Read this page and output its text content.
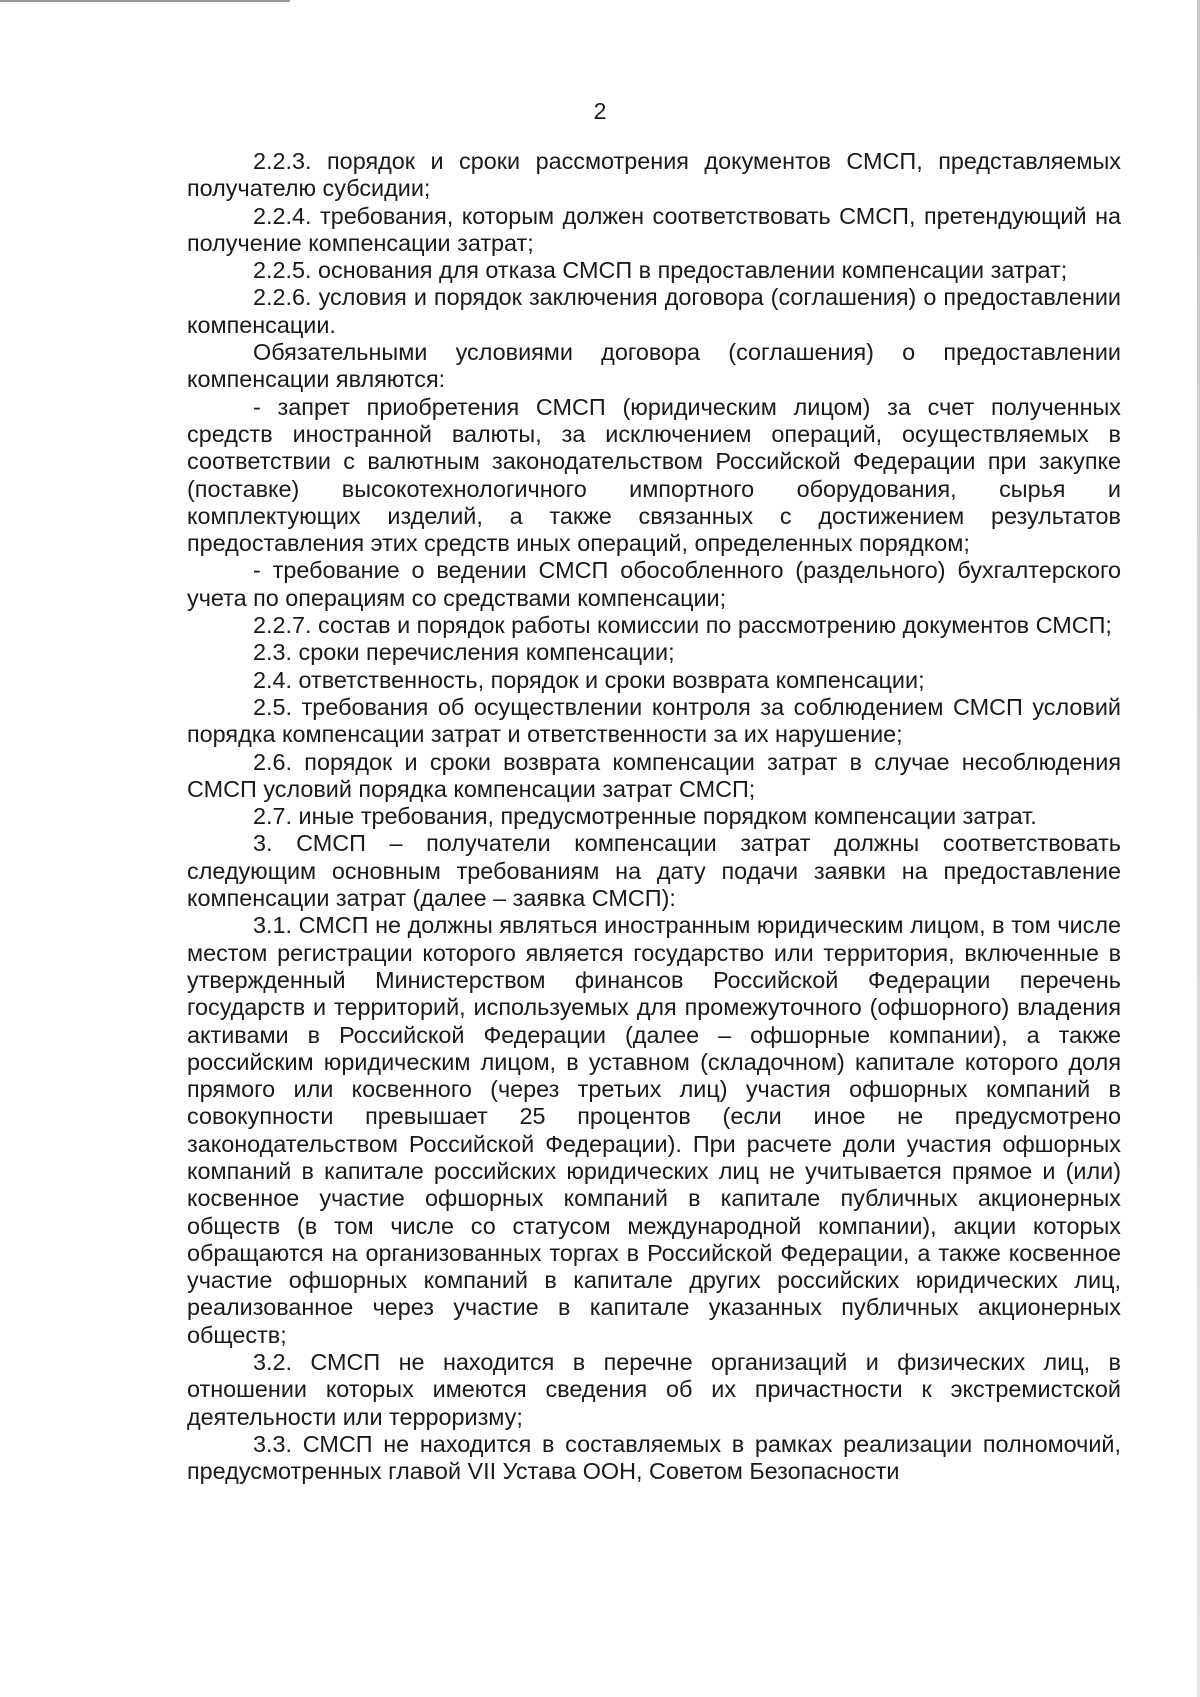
2

2.2.3. порядок и сроки рассмотрения документов СМСП, представляемых получателю субсидии;

2.2.4. требования, которым должен соответствовать СМСП, претендующий на получение компенсации затрат;

2.2.5. основания для отказа СМСП в предоставлении компенсации затрат;

2.2.6. условия и порядок заключения договора (соглашения) о предоставлении компенсации.

Обязательными условиями договора (соглашения) о предоставлении компенсации являются:

- запрет приобретения СМСП (юридическим лицом) за счет полученных средств иностранной валюты, за исключением операций, осуществляемых в соответствии с валютным законодательством Российской Федерации при закупке (поставке) высокотехнологичного импортного оборудования, сырья и комплектующих изделий, а также связанных с достижением результатов предоставления этих средств иных операций, определенных порядком;

- требование о ведении СМСП обособленного (раздельного) бухгалтерского учета по операциям со средствами компенсации;

2.2.7. состав и порядок работы комиссии по рассмотрению документов СМСП;

2.3. сроки перечисления компенсации;

2.4. ответственность, порядок и сроки возврата компенсации;

2.5. требования об осуществлении контроля за соблюдением СМСП условий порядка компенсации затрат и ответственности за их нарушение;

2.6. порядок и сроки возврата компенсации затрат в случае несоблюдения СМСП условий порядка компенсации затрат СМСП;

2.7. иные требования, предусмотренные порядком компенсации затрат.

3. СМСП – получатели компенсации затрат должны соответствовать следующим основным требованиям на дату подачи заявки на предоставление компенсации затрат (далее – заявка СМСП):

3.1. СМСП не должны являться иностранным юридическим лицом, в том числе местом регистрации которого является государство или территория, включенные в утвержденный Министерством финансов Российской Федерации перечень государств и территорий, используемых для промежуточного (офшорного) владения активами в Российской Федерации (далее – офшорные компании), а также российским юридическим лицом, в уставном (складочном) капитале которого доля прямого или косвенного (через третьих лиц) участия офшорных компаний в совокупности превышает 25 процентов (если иное не предусмотрено законодательством Российской Федерации). При расчете доли участия офшорных компаний в капитале российских юридических лиц не учитывается прямое и (или) косвенное участие офшорных компаний в капитале публичных акционерных обществ (в том числе со статусом международной компании), акции которых обращаются на организованных торгах в Российской Федерации, а также косвенное участие офшорных компаний в капитале других российских юридических лиц, реализованное через участие в капитале указанных публичных акционерных обществ;

3.2. СМСП не находится в перечне организаций и физических лиц, в отношении которых имеются сведения об их причастности к экстремистской деятельности или терроризму;

3.3. СМСП не находится в составляемых в рамках реализации полномочий, предусмотренных главой VII Устава ООН, Советом Безопасности
